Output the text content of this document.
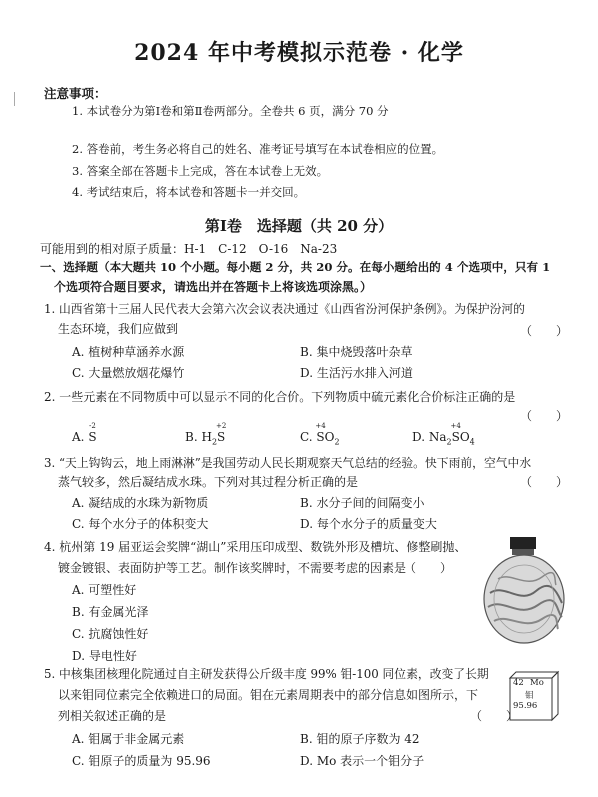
2024 年中考模拟示范卷 · 化学
注意事项：
1. 本试卷分为第Ⅰ卷和第Ⅱ卷两部分。全卷共 6 页，满分 70 分
2. 答卷前，考生务必将自己的姓名、准考证号填写在本试卷相应的位置。
3. 答案全部在答题卡上完成，答在本试卷上无效。
4. 考试结束后，将本试卷和答题卡一并交回。
第Ⅰ卷　选择题（共 20 分）
可能用到的相对原子质量：H-1　C-12　O-16　Na-23
一、选择题（本大题共 10 个小题。每小题 2 分，共 20 分。在每小题给出的 4 个选项中，只有 1
个选项符合题目要求，请选出并在答题卡上将该选项涂黑。）
1. 山西省第十三届人民代表大会第六次会议表决通过《山西省汾河保护条例》。为保护汾河的
生态环境，我们应做到	（　　）
A. 植树种草涵养水源	B. 集中烧毁落叶杂草
C. 大量燃放烟花爆竹	D. 生活污水排入河道
2. 一些元素在不同物质中可以显示不同的化合价。下列物质中硫元素化合价标注正确的是
（　　）
A.
-2
S	B. $H_2$
+2
S	C.
+4
$SO_2$	D. $Na_2$
+4
$SO_4$
3. “天上钩钩云，地上雨淋淋”是我国劳动人民长期观察天气总结的经验。快下雨前，空气中水
蒸气较多，然后凝结成水珠。下列对其过程分析正确的是	（　　）
A. 凝结成的水珠为新物质	B. 水分子间的间隔变小
C. 每个水分子的体积变大	D. 每个水分子的质量变大
4. 杭州第 19 届亚运会奖牌“湖山”采用压印成型、数铣外形及槽坑、修整刷抛、
镀金镀银、表面防护等工艺。制作该奖牌时，不需要考虑的因素是
（　　）
A. 可塑性好
B. 有金属光泽
C. 抗腐蚀性好
D. 导电性好
5. 中核集团核理化院通过自主研发获得公斤级丰度 99% 钼-100 同位素，改变了长期
以来钼同位素完全依赖进口的局面。钼在元素周期表中的部分信息如图所示，下
列相关叙述正确的是	（　　）
A. 钼属于非金属元素	B. 钼的原子序数为 42
C. 钼原子的质量为 95.96	D. Mo 表示一个钼分子
42 Mo
钼
95.96
